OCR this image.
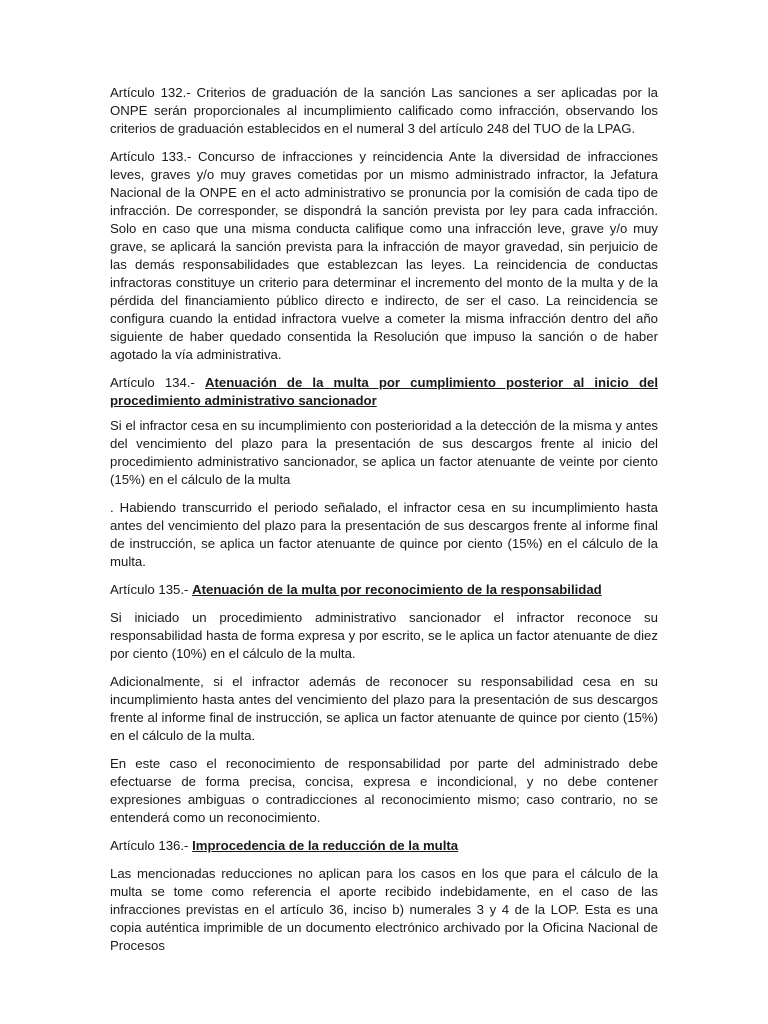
Artículo 132.- Criterios de graduación de la sanción Las sanciones a ser aplicadas por la ONPE serán proporcionales al incumplimiento calificado como infracción, observando los criterios de graduación establecidos en el numeral 3 del artículo 248 del TUO de la LPAG.

Artículo 133.- Concurso de infracciones y reincidencia Ante la diversidad de infracciones leves, graves y/o muy graves cometidas por un mismo administrado infractor, la Jefatura Nacional de la ONPE en el acto administrativo se pronuncia por la comisión de cada tipo de infracción. De corresponder, se dispondrá la sanción prevista por ley para cada infracción. Solo en caso que una misma conducta califique como una infracción leve, grave y/o muy grave, se aplicará la sanción prevista para la infracción de mayor gravedad, sin perjuicio de las demás responsabilidades que establezcan las leyes. La reincidencia de conductas infractoras constituye un criterio para determinar el incremento del monto de la multa y de la pérdida del financiamiento público directo e indirecto, de ser el caso. La reincidencia se configura cuando la entidad infractora vuelve a cometer la misma infracción dentro del año siguiente de haber quedado consentida la Resolución que impuso la sanción o de haber agotado la vía administrativa.

Artículo 134.- Atenuación de la multa por cumplimiento posterior al inicio del procedimiento administrativo sancionador

Si el infractor cesa en su incumplimiento con posterioridad a la detección de la misma y antes del vencimiento del plazo para la presentación de sus descargos frente al inicio del procedimiento administrativo sancionador, se aplica un factor atenuante de veinte por ciento (15%) en el cálculo de la multa

. Habiendo transcurrido el periodo señalado, el infractor cesa en su incumplimiento hasta antes del vencimiento del plazo para la presentación de sus descargos frente al informe final de instrucción, se aplica un factor atenuante de quince por ciento (15%) en el cálculo de la multa.

Artículo 135.- Atenuación de la multa por reconocimiento de la responsabilidad

Si iniciado un procedimiento administrativo sancionador el infractor reconoce su responsabilidad hasta de forma expresa y por escrito, se le aplica un factor atenuante de diez por ciento (10%) en el cálculo de la multa.

Adicionalmente, si el infractor además de reconocer su responsabilidad cesa en su incumplimiento hasta antes del vencimiento del plazo para la presentación de sus descargos frente al informe final de instrucción, se aplica un factor atenuante de quince por ciento (15%) en el cálculo de la multa.

En este caso el reconocimiento de responsabilidad por parte del administrado debe efectuarse de forma precisa, concisa, expresa e incondicional, y no debe contener expresiones ambiguas o contradicciones al reconocimiento mismo; caso contrario, no se entenderá como un reconocimiento.

Artículo 136.- Improcedencia de la reducción de la multa

Las mencionadas reducciones no aplican para los casos en los que para el cálculo de la multa se tome como referencia el aporte recibido indebidamente, en el caso de las infracciones previstas en el artículo 36, inciso b) numerales 3 y 4 de la LOP. Esta es una copia auténtica imprimible de un documento electrónico archivado por la Oficina Nacional de Procesos
